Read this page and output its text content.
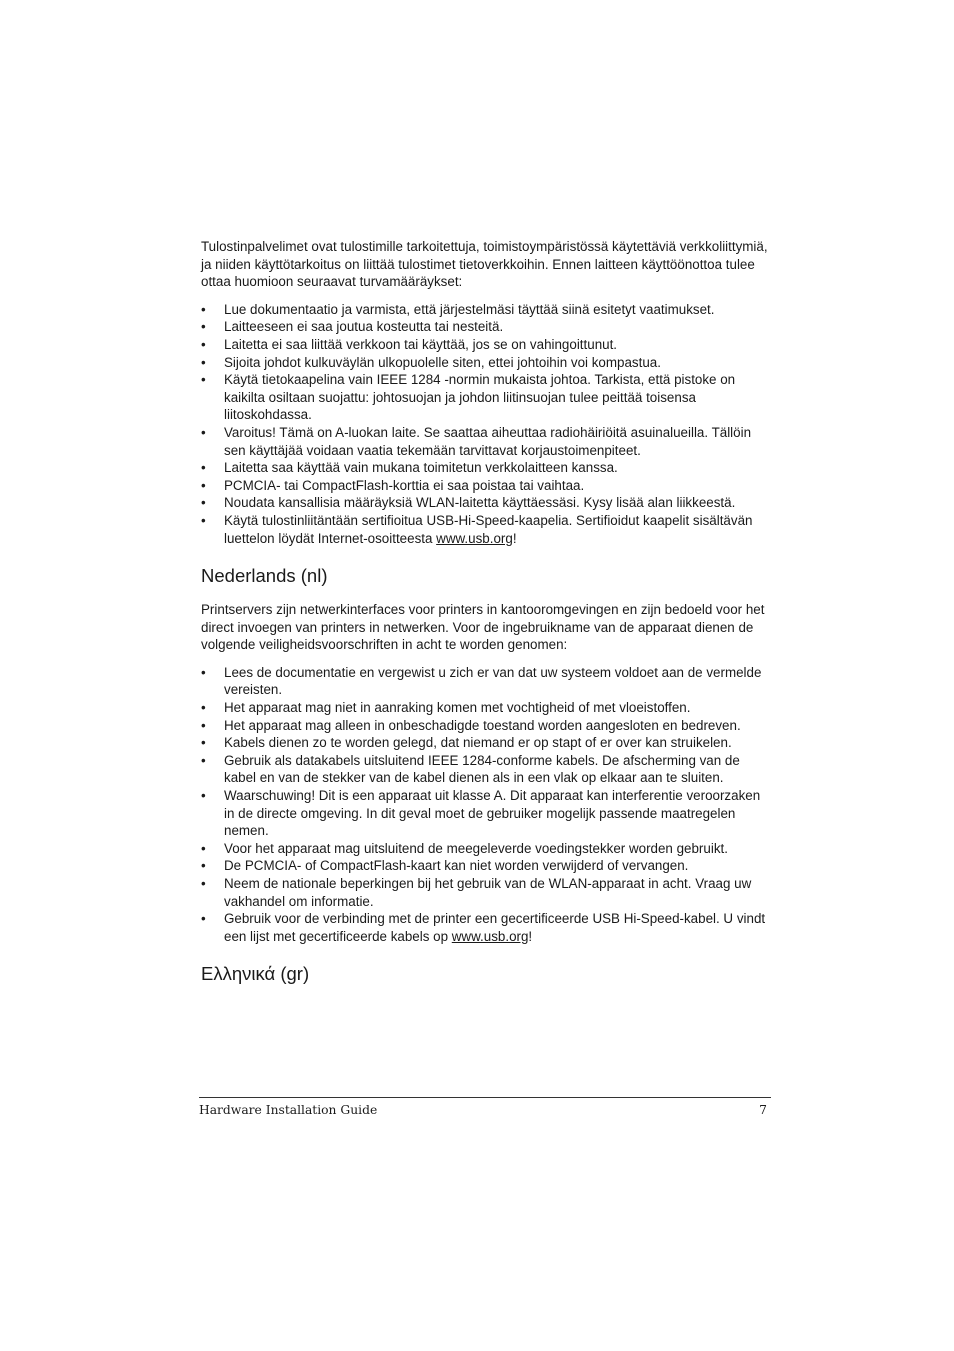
Tulostinpalvelimet ovat tulostimille tarkoitettuja, toimistoympäristössä käytettäviä verkkoliittymiä, ja niiden käyttötarkoitus on liittää tulostimet tietoverkkoihin. Ennen laitteen käyttöönottoa tulee ottaa huomioon seuraavat turvamääräykset:

• Lue dokumentaatio ja varmista, että järjestelmäsi täyttää siinä esitetyt vaatimukset.
• Laitteeseen ei saa joutua kosteutta tai nesteitä.
• Laitetta ei saa liittää verkkoon tai käyttää, jos se on vahingoittunut.
• Sijoita johdot kulkuväylän ulkopuolelle siten, ettei johtoihin voi kompastua.
• Käytä tietokaapelina vain IEEE 1284 -normin mukaista johtoa. Tarkista, että pistoke on kaikilta osiltaan suojattu: johtosuojan ja johdon liitinsuojan tulee peittää toisensa liitoskohdassa.
• Varoitus! Tämä on A-luokan laite. Se saattaa aiheuttaa radiohäiriöitä asuinalueilla. Tällöin sen käyttäjää voidaan vaatia tekemään tarvittavat korjaustoimenpiteet.
• Laitetta saa käyttää vain mukana toimitetun verkkolaitteen kanssa.
• PCMCIA- tai CompactFlash-korttia ei saa poistaa tai vaihtaa.
• Noudata kansallisia määräyksiä WLAN-laitetta käyttäessäsi. Kysy lisää alan liikkeestä.
• Käytä tulostinliitäntään sertifioitua USB-Hi-Speed-kaapelia. Sertifioidut kaapelit sisältävän luettelon löydät Internet-osoitteesta www.usb.org!
Nederlands (nl)

Printservers zijn netwerkinterfaces voor printers in kantooromgevingen en zijn bedoeld voor het direct invoegen van printers in netwerken. Voor de ingebruikname van de apparaat dienen de volgende veiligheidsvoorschriften in acht te worden genomen:

• Lees de documentatie en vergewist u zich er van dat uw systeem voldoet aan de vermelde vereisten.
• Het apparaat mag niet in aanraking komen met vochtigheid of met vloeistoffen.
• Het apparaat mag alleen in onbeschadigde toestand worden aangesloten en bedreven.
• Kabels dienen zo te worden gelegd, dat niemand er op stapt of er over kan struikelen.
• Gebruik als datakabels uitsluitend IEEE 1284-conforme kabels. De afscherming van de kabel en van de stekker van de kabel dienen als in een vlak op elkaar aan te sluiten.
• Waarschuwing! Dit is een apparaat uit klasse A. Dit apparaat kan interferentie veroorzaken in de directe omgeving. In dit geval moet de gebruiker mogelijk passende maatregelen nemen.
• Voor het apparaat mag uitsluitend de meegeleverde voedingstekker worden gebruikt.
• De PCMCIA- of CompactFlash-kaart kan niet worden verwijderd of vervangen.
• Neem de nationale beperkingen bij het gebruik van de WLAN-apparaat in acht. Vraag uw vakhandel om informatie.
• Gebruik voor de verbinding met de printer een gecertificeerde USB Hi-Speed-kabel. U vindt een lijst met gecertificeerde kabels op www.usb.org!
Ελληνικά (gr)
Hardware Installation Guide	7
